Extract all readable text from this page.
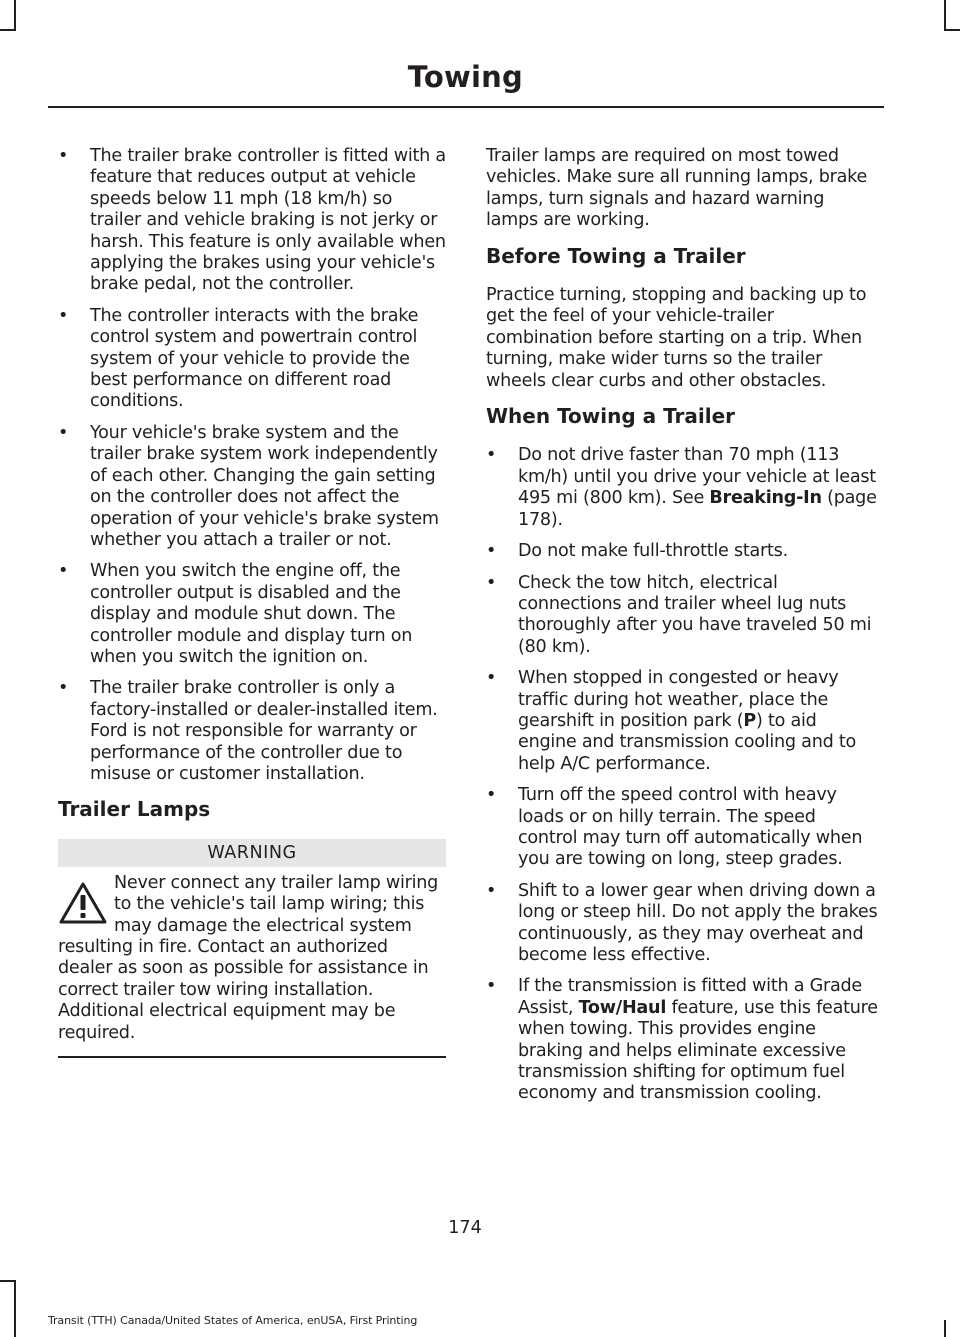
Towing
•	The trailer brake controller is fitted with a feature that reduces output at vehicle speeds below 11 mph (18 km/h) so trailer and vehicle braking is not jerky or harsh. This feature is only available when applying the brakes using your vehicle's brake pedal, not the controller.
•	The controller interacts with the brake control system and powertrain control system of your vehicle to provide the best performance on different road conditions.
•	Your vehicle's brake system and the trailer brake system work independently of each other. Changing the gain setting on the controller does not affect the operation of your vehicle's brake system whether you attach a trailer or not.
•	When you switch the engine off, the controller output is disabled and the display and module shut down. The controller module and display turn on when you switch the ignition on.
•	The trailer brake controller is only a factory-installed or dealer-installed item. Ford is not responsible for warranty or performance of the controller due to misuse or customer installation.
Trailer Lamps
WARNING
Never connect any trailer lamp wiring to the vehicle's tail lamp wiring; this may damage the electrical system resulting in fire. Contact an authorized dealer as soon as possible for assistance in correct trailer tow wiring installation. Additional electrical equipment may be required.

Trailer lamps are required on most towed vehicles. Make sure all running lamps, brake lamps, turn signals and hazard warning lamps are working.

Before Towing a Trailer

Practice turning, stopping and backing up to get the feel of your vehicle-trailer combination before starting on a trip. When turning, make wider turns so the trailer wheels clear curbs and other obstacles.

When Towing a Trailer
•	Do not drive faster than 70 mph (113 km/h) until you drive your vehicle at least 495 mi (800 km). See Breaking-In (page 178).
•	Do not make full-throttle starts.
•	Check the tow hitch, electrical connections and trailer wheel lug nuts thoroughly after you have traveled 50 mi (80 km).
•	When stopped in congested or heavy traffic during hot weather, place the gearshift in position park (P) to aid engine and transmission cooling and to help A/C performance.
•	Turn off the speed control with heavy loads or on hilly terrain. The speed control may turn off automatically when you are towing on long, steep grades.
•	Shift to a lower gear when driving down a long or steep hill. Do not apply the brakes continuously, as they may overheat and become less effective.
•	If the transmission is fitted with a Grade Assist, Tow/Haul feature, use this feature when towing. This provides engine braking and helps eliminate excessive transmission shifting for optimum fuel economy and transmission cooling.
174
Transit (TTH) Canada/United States of America, enUSA, First Printing
